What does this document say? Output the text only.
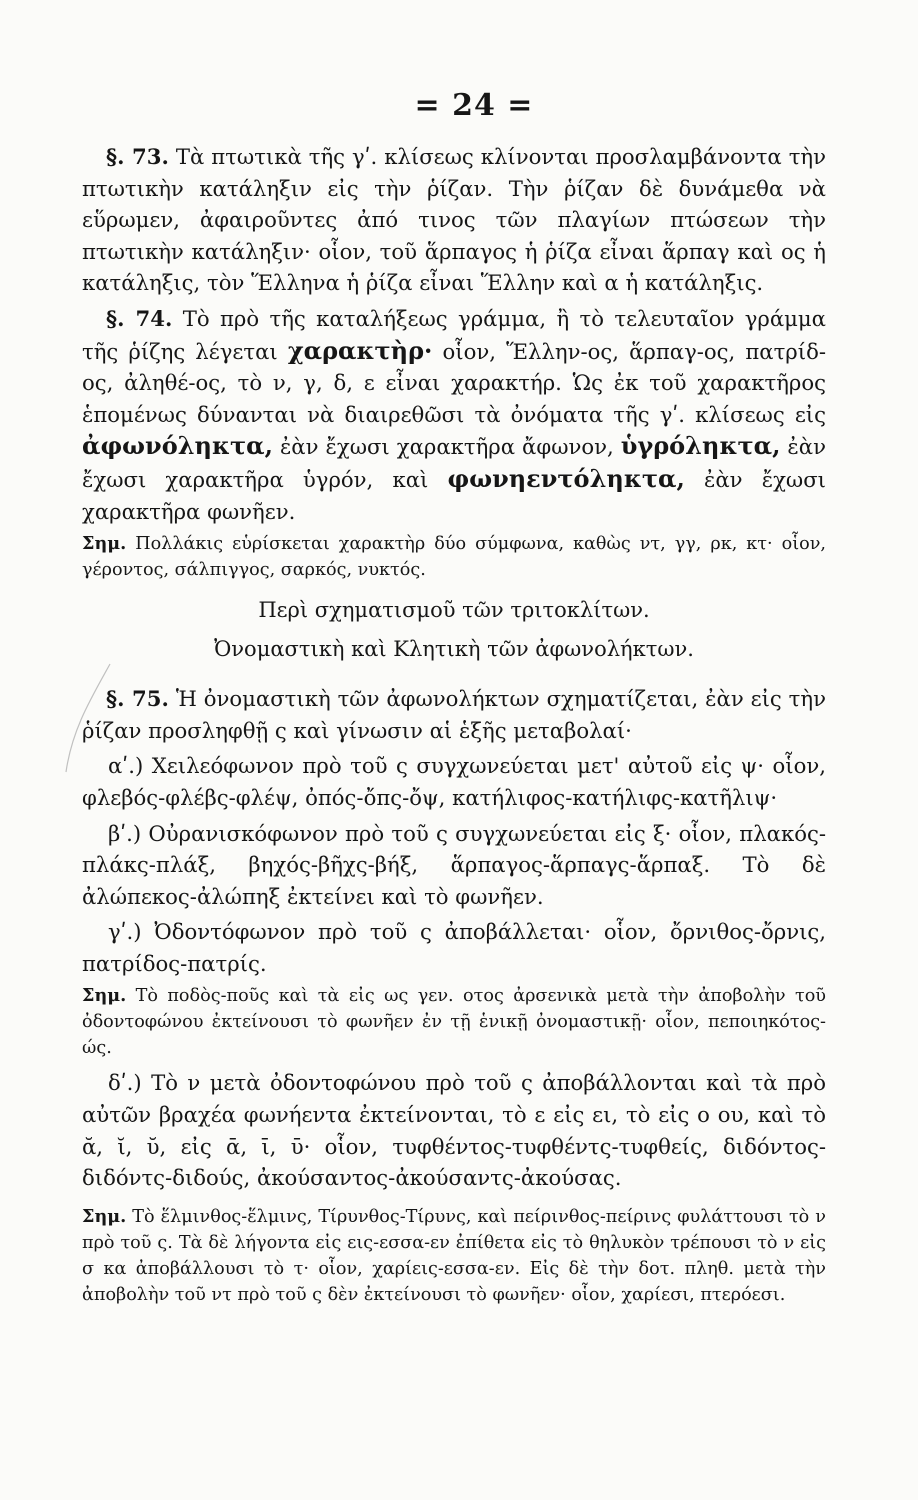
= 24 =

§. 73. Τὰ πτωτικὰ τῆς γʹ. κλίσεως κλίνονται προσλαμβάνοντα τὴν πτωτικὴν κατάληξιν εἰς τὴν ῥίζαν. Τὴν ῥίζαν δὲ δυνάμεθα νὰ εὕρωμεν, ἀφαιροῦντες ἀπό τινος τῶν πλαγίων πτώσεων τὴν πτωτικὴν κατάληξιν· οἷον, τοῦ ἅρπαγος ἡ ῥίζα εἶναι ἅρπαγ καὶ ος ἡ κατάληξις, τὸν Ἕλληνα ἡ ῥίζα εἶναι Ἕλλην καὶ α ἡ κατάληξις.

§. 74. Τὸ πρὸ τῆς καταλήξεως γράμμα, ἢ τὸ τελευταῖον γράμμα τῆς ῥίζης λέγεται χαρακτὴρ· οἷον, Ἕλλην-ος, ἅρπαγ-ος, πατρίδ-ος, ἀληθέ-ος, τὸ ν, γ, δ, ε εἶναι χαρακτήρ. Ὡς ἐκ τοῦ χαρακτῆρος ἑπομένως δύνανται νὰ διαιρεθῶσι τὰ ὀνόματα τῆς γʹ. κλίσεως εἰς ἀφωνόληκτα, ἐὰν ἔχωσι χαρακτῆρα ἄφωνον, ὑγρόληκτα, ἐὰν ἔχωσι χαρακτῆρα ὑγρόν, καὶ φωνηεντόληκτα, ἐὰν ἔχωσι χαρακτῆρα φωνῆεν.

Σημ. Πολλάκις εὑρίσκεται χαρακτὴρ δύο σύμφωνα, καθὼς ντ, γγ, ρκ, κτ· οἷον, γέροντος, σάλπιγγος, σαρκός, νυκτός.

Περὶ σχηματισμοῦ τῶν τριτοκλίτων.
Ὀνομαστικὴ καὶ Κλητικὴ τῶν ἀφωνολήκτων.

§. 75. Ἡ ὀνομαστικὴ τῶν ἀφωνολήκτων σχηματίζεται, ἐὰν εἰς τὴν ῥίζαν προσληφθῇ ς καὶ γίνωσιν αἱ ἑξῆς μεταβολαί·

αʹ.) Χειλεόφωνον πρὸ τοῦ ς συγχωνεύεται μετ' αὐτοῦ εἰς ψ· οἷον, φλεβός-φλέβς-φλέψ, ὀπός-ὄπς-ὄψ, κατήλιφος-κατήλιφς-κατῆλιψ·

βʹ.) Οὐρανισκόφωνον πρὸ τοῦ ς συγχωνεύεται εἰς ξ· οἷον, πλακός-πλάκς-πλάξ, βηχός-βῆχς-βήξ, ἅρπαγος-ἅρπαγς-ἅρπαξ. Τὸ δὲ ἀλώπεκος-ἀλώπηξ ἐκτείνει καὶ τὸ φωνῆεν.

γʹ.) Ὀδοντόφωνον πρὸ τοῦ ς ἀποβάλλεται· οἷον, ὄρνιθος-ὄρνις, πατρίδος-πατρίς.

Σημ. Τὸ ποδὸς-ποῦς καὶ τὰ εἰς ως γεν. οτος ἀρσενικὰ μετὰ τὴν ἀποβολὴν τοῦ ὀδοντοφώνου ἐκτείνουσι τὸ φωνῆεν ἐν τῇ ἑνικῇ ὀνομαστικῇ· οἷον, πεποιηκότος-ώς.

δʹ.) Τὸ ν μετὰ ὀδοντοφώνου πρὸ τοῦ ς ἀποβάλλονται καὶ τὰ πρὸ αὐτῶν βραχέα φωνήεντα ἐκτείνονται, τὸ ε εἰς ει, τὸ εἰς ο ου, καὶ τὸ ᾰ, ῐ, ῠ, εἰς ᾱ, ῑ, ῡ· οἷον, τυφθέντος-τυφθέντς-τυφθείς, διδόντος-διδόντς-διδούς, ἀκούσαντος-ἀκούσαντς-ἀκούσας.

Σημ. Τὸ ἕλμινθος-ἕλμινς, Τίρυνθος-Τίρυνς, καὶ πείρινθος-πείρινς φυλάττουσι τὸ ν πρὸ τοῦ ς. Τὰ δὲ λήγοντα εἰς εις-εσσα-εν ἐπίθετα εἰς τὸ θηλυκὸν τρέπουσι τὸ ν εἰς σ κα ἀποβάλλουσι τὸ τ· οἷον, χαρίεις-εσσα-εν. Εἰς δὲ τὴν δοτ. πληθ. μετὰ τὴν ἀποβολὴν τοῦ ντ πρὸ τοῦ ς δὲν ἐκτείνουσι τὸ φωνῆεν· οἷον, χαρίεσι, πτερόεσι.
